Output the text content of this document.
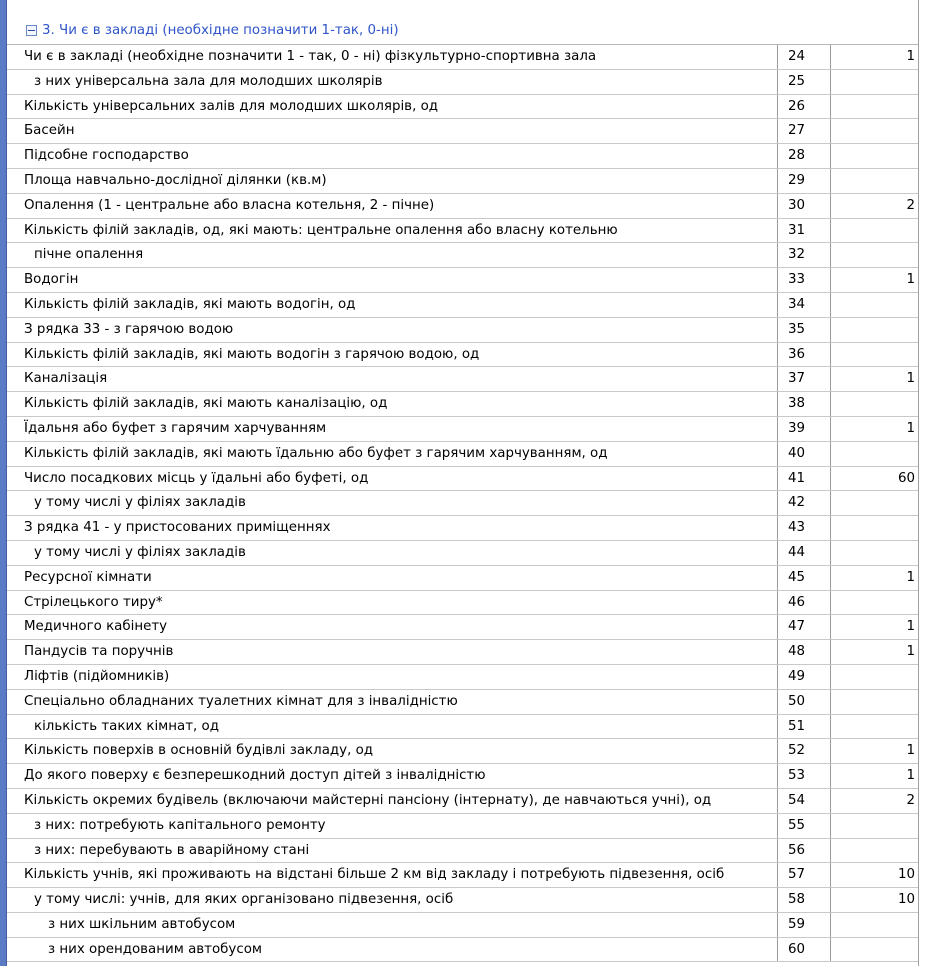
3. Чи є в закладі (необхідне позначити 1-так, 0-ні)
Чи є в закладі (необхідне позначити 1 - так, 0 - ні) фізкультурно-спортивна зала	24	1
з них універсальна зала для молодших школярів	25
Кількість універсальних залів для молодших школярів, од	26
Басейн	27
Підсобне господарство	28
Площа навчально-дослідної ділянки (кв.м)	29
Опалення (1 - центральне або власна котельня, 2 - пічне)	30	2
Кількість філій закладів, од, які мають: центральне опалення або власну котельню	31
пічне опалення	32
Водогін	33	1
Кількість філій закладів, які мають водогін, од	34
З рядка 33 - з гарячою водою	35
Кількість філій закладів, які мають водогін з гарячою водою, од	36
Каналізація	37	1
Кількість філій закладів, які мають каналізацію, од	38
Їдальня або буфет з гарячим харчуванням	39	1
Кількість філій закладів, які мають їдальню або буфет з гарячим харчуванням, од	40
Число посадкових місць у їдальні або буфеті, од	41	60
у тому числі у філіях закладів	42
З рядка 41 - у пристосованих приміщеннях	43
у тому числі у філіях закладів	44
Ресурсної кімнати	45	1
Стрілецького тиру*	46
Медичного кабінету	47	1
Пандусів та поручнів	48	1
Ліфтів (підйомників)	49
Спеціально обладнаних туалетних кімнат для з інвалідністю	50
кількість таких кімнат, од	51
Кількість поверхів в основній будівлі закладу, од	52	1
До якого поверху є безперешкодний доступ дітей з інвалідністю	53	1
Кількість окремих будівель (включаючи майстерні пансіону (інтернату), де навчаються учні), од	54	2
з них: потребують капітального ремонту	55
з них: перебувають в аварійному стані	56
Кількість учнів, які проживають на відстані більше 2 км від закладу і потребують підвезення, осіб	57	10
у тому числі: учнів, для яких організовано підвезення, осіб	58	10
з них шкільним автобусом	59
з них орендованим автобусом	60
